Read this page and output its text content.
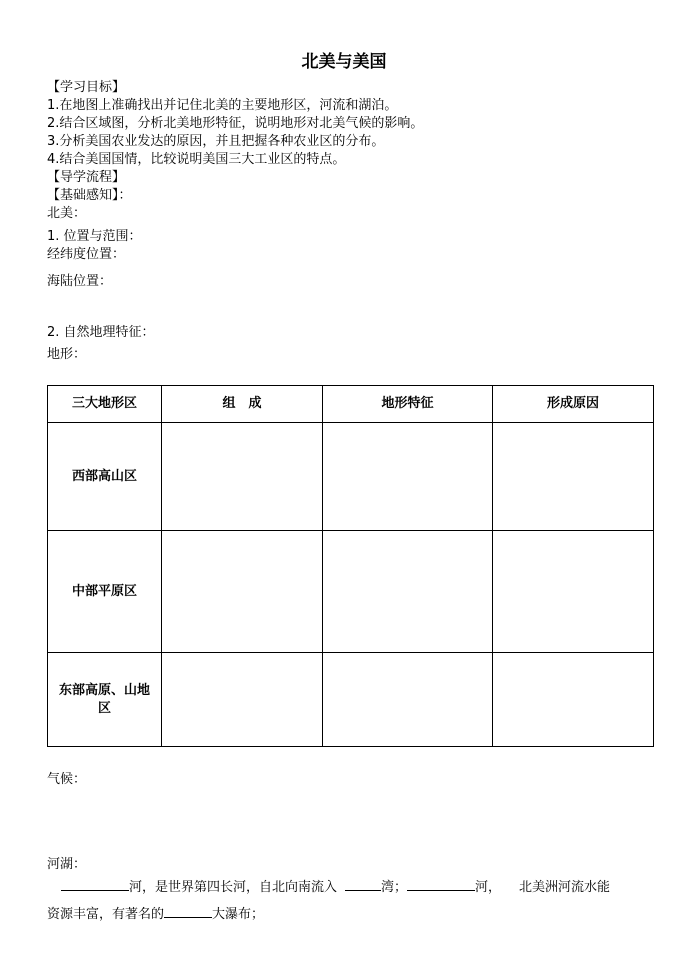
北美与美国
【学习目标】
1.在地图上准确找出并记住北美的主要地形区，河流和湖泊。
2.结合区域图，分析北美地形特征，说明地形对北美气候的影响。
3.分析美国农业发达的原因，并且把握各种农业区的分布。
4.结合美国国情，比较说明美国三大工业区的特点。
【导学流程】
【基础感知】：
北美：
1. 位置与范围：
经纬度位置：
海陆位置：
2. 自然地理特征：
地形：
三大地形区	组　成	地形特征	形成原因
西部高山区			
中部平原区			
东部高原、山地区			
气候：
河湖：
河，是世界第四长河，自北向南流入	湾；	河， 北美洲河流水能
资源丰富，有著名的	大瀑布；
